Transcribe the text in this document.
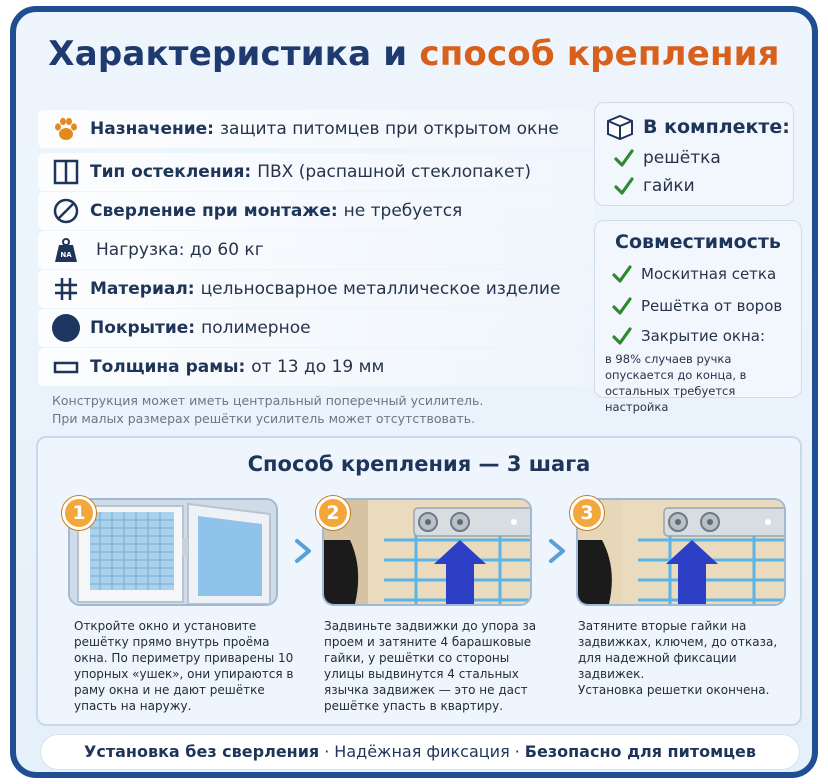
Характеристика и способ крепления
Назначение: защита питомцев при открытом окне
Тип остекления: ПВХ (распашной стеклопакет)
Сверление при монтаже: не требуется
NA Нагрузка: до 60 кг
Материал: цельносварное металлическое изделие
Покрытие: полимерное
Толщина рамы: от 13 до 19 мм
Конструкция может иметь центральный поперечный усилитель.
При малых размерах решётки усилитель может отсутствовать.
В комплекте:
решётка
гайки
Совместимость
Москитная сетка
Решётка от воров
Закрытие окна:
в 98% случаев ручка опускается до конца, в остальных требуется настройка
Способ крепления — 3 шага
1	2	3
Откройте окно и установите
решётку прямо внутрь проёма
окна. По периметру приварены 10
упорных «ушек», они упираются в
раму окна и не дают решётке
упасть на наружу.
Задвиньте задвижки до упора за
проем и затяните 4 барашковые
гайки, у решётки со стороны
улицы выдвинутся 4 стальных
язычка задвижек — это не даст
решётке упасть в квартиру.
Затяните вторые гайки на
задвижках, ключем, до отказа,
для надежной фиксации
задвижек.
Установка решетки окончена.
Установка без сверления · Надёжная фиксация · Безопасно для питомцев
